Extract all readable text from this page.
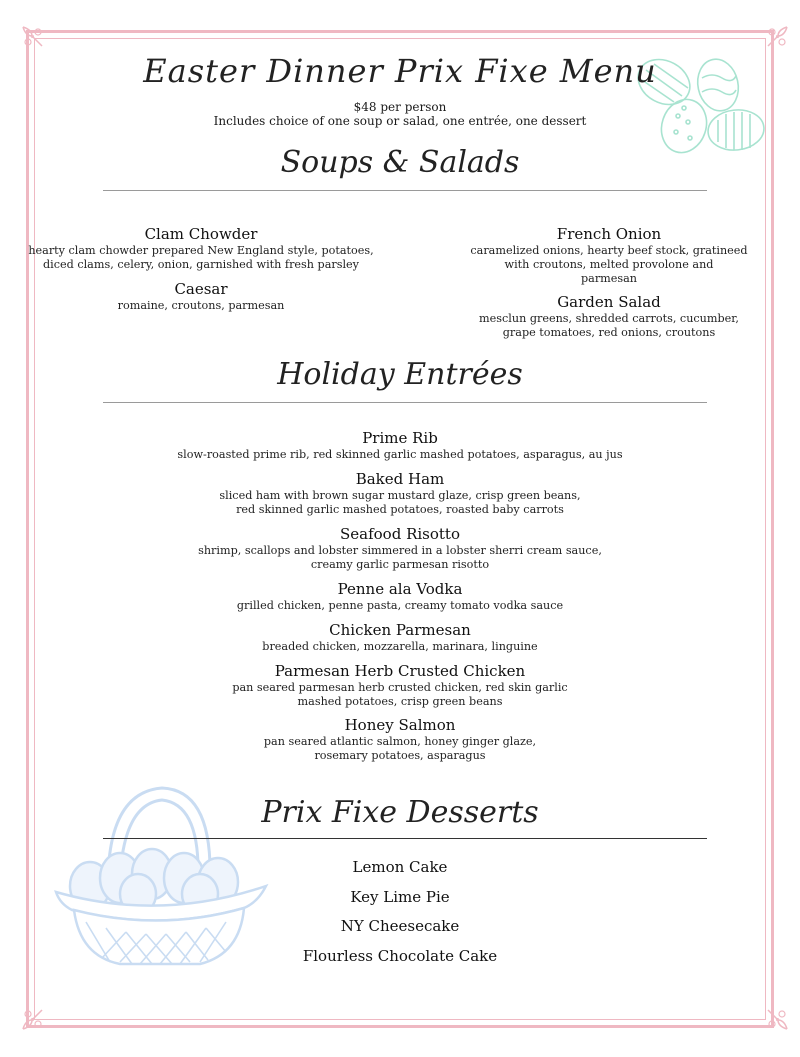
Easter Dinner Prix Fixe Menu
$48 per person
Includes choice of one soup or salad, one entrée, one dessert
Soups & Salads
Clam Chowder
hearty clam chowder prepared New England style, potatoes,
diced clams, celery, onion, garnished with fresh parsley
Caesar
romaine, croutons, parmesan
French Onion
caramelized onions, hearty beef stock, gratineed
with croutons, melted provolone and
parmesan
Garden Salad
mesclun greens, shredded carrots, cucumber,
grape tomatoes, red onions, croutons
Holiday Entrées
Prime Rib
slow-roasted prime rib, red skinned garlic mashed potatoes, asparagus, au jus
Baked Ham
sliced ham with brown sugar mustard glaze, crisp green beans,
red skinned garlic mashed potatoes, roasted baby carrots
Seafood Risotto
shrimp, scallops and lobster simmered in a lobster sherri cream sauce,
creamy garlic parmesan risotto
Penne ala Vodka
grilled chicken, penne pasta, creamy tomato vodka sauce
Chicken Parmesan
breaded chicken, mozzarella, marinara, linguine
Parmesan Herb Crusted Chicken
pan seared parmesan herb crusted chicken, red skin garlic
mashed potatoes, crisp green beans
Honey Salmon
pan seared atlantic salmon, honey ginger glaze,
rosemary potatoes, asparagus
Prix Fixe Desserts
Lemon Cake
Key Lime Pie
NY Cheesecake
Flourless Chocolate Cake
